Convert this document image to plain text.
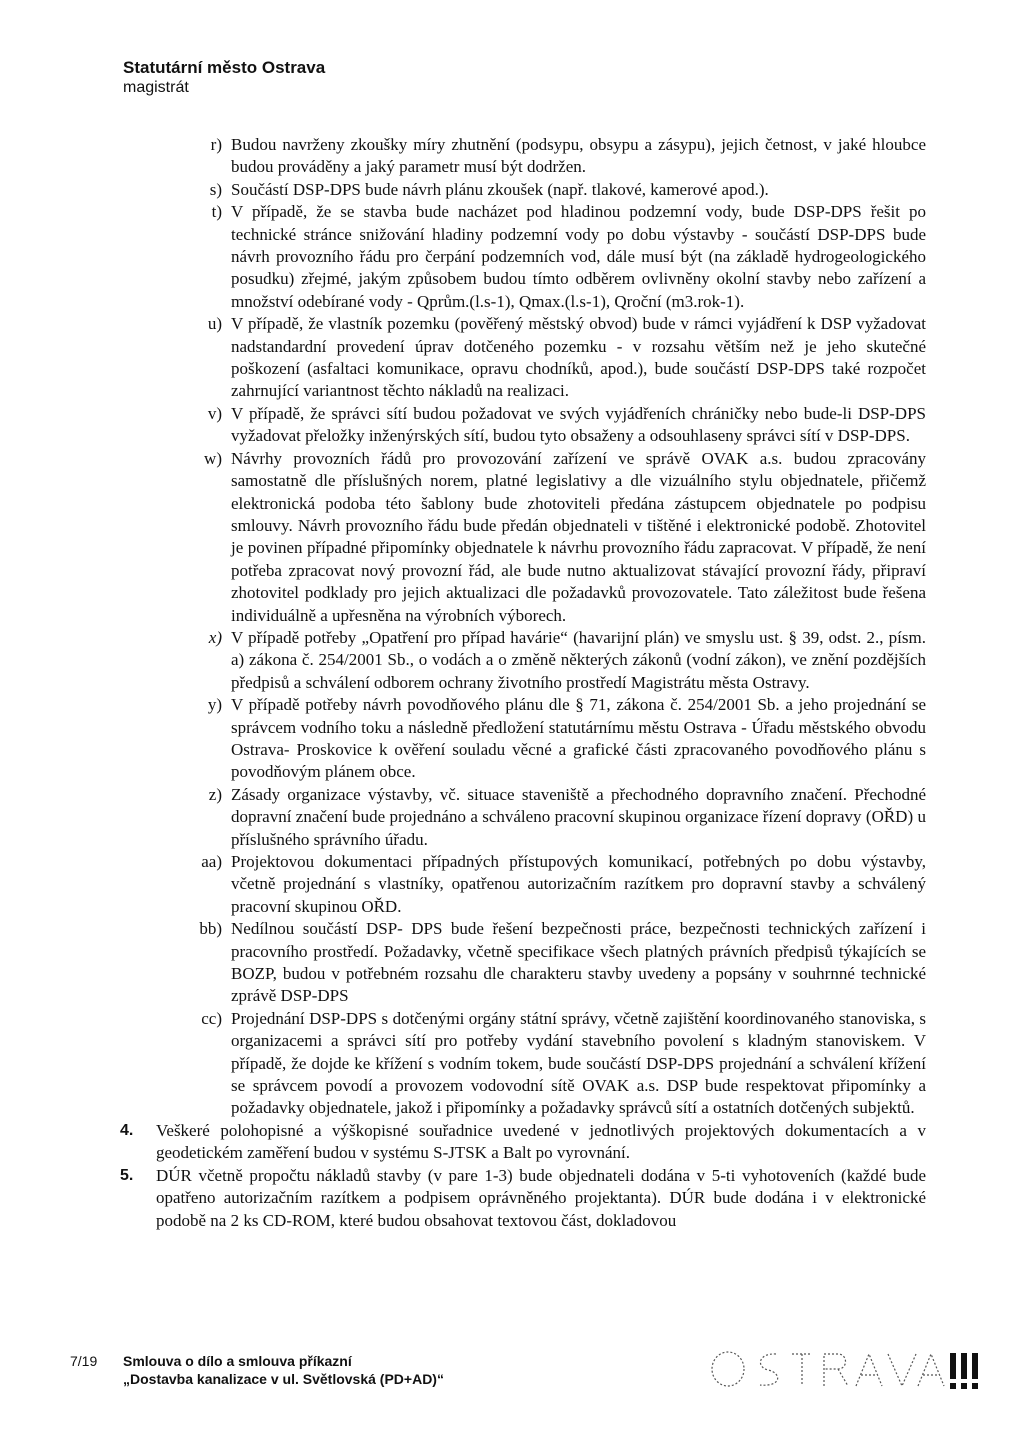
Statutární město Ostrava
magistrát
r) Budou navrženy zkoušky míry zhutnění (podsypu, obsypu a zásypu), jejich četnost, v jaké hloubce budou prováděny a jaký parametr musí být dodržen.
s) Součástí DSP-DPS bude návrh plánu zkoušek (např. tlakové, kamerové apod.).
t) V případě, že se stavba bude nacházet pod hladinou podzemní vody, bude DSP-DPS řešit po technické stránce snižování hladiny podzemní vody po dobu výstavby - součástí DSP-DPS bude návrh provozního řádu pro čerpání podzemních vod, dále musí být (na základě hydrogeologického posudku) zřejmé, jakým způsobem budou tímto odběrem ovlivněny okolní stavby nebo zařízení a množství odebírané vody - Qprům.(l.s-1), Qmax.(l.s-1), Qroční (m3.rok-1).
u) V případě, že vlastník pozemku (pověřený městský obvod) bude v rámci vyjádření k DSP vyžadovat nadstandardní provedení úprav dotčeného pozemku - v rozsahu větším než je jeho skutečné poškození (asfaltaci komunikace, opravu chodníků, apod.), bude součástí DSP-DPS také rozpočet zahrnující variantnost těchto nákladů na realizaci.
v) V případě, že správci sítí budou požadovat ve svých vyjádřeních chráničky nebo bude-li DSP-DPS vyžadovat přeložky inženýrských sítí, budou tyto obsaženy a odsouhlaseny správci sítí v DSP-DPS.
w) Návrhy provozních řádů pro provozování zařízení ve správě OVAK a.s. budou zpracovány samostatně dle příslušných norem, platné legislativy a dle vizuálního stylu objednatele, přičemž elektronická podoba této šablony bude zhotoviteli předána zástupcem objednatele po podpisu smlouvy. Návrh provozního řádu bude předán objednateli v tištěné i elektronické podobě. Zhotovitel je povinen případné připomínky objednatele k návrhu provozního řádu zapracovat. V případě, že není potřeba zpracovat nový provozní řád, ale bude nutno aktualizovat stávající provozní řády, připraví zhotovitel podklady pro jejich aktualizaci dle požadavků provozovatele. Tato záležitost bude řešena individuálně a upřesněna na výrobních výborech.
x) V případě potřeby „Opatření pro případ havárie“ (havarijní plán) ve smyslu ust. § 39, odst. 2., písm. a) zákona č. 254/2001 Sb., o vodách a o změně některých zákonů (vodní zákon), ve znění pozdějších předpisů a schválení odborem ochrany životního prostředí Magistrátu města Ostravy.
y) V případě potřeby návrh povodňového plánu dle § 71, zákona č. 254/2001 Sb. a jeho projednání se správcem vodního toku a následně předložení statutárnímu městu Ostrava - Úřadu městského obvodu Ostrava- Proskovice k ověření souladu věcné a grafické části zpracovaného povodňového plánu s povodňovým plánem obce.
z) Zásady organizace výstavby, vč. situace staveniště a přechodného dopravního značení. Přechodné dopravní značení bude projednáno a schváleno pracovní skupinou organizace řízení dopravy (OŘD) u příslušného správního úřadu.
aa) Projektovou dokumentaci případných přístupových komunikací, potřebných po dobu výstavby, včetně projednání s vlastníky, opatřenou autorizačním razítkem pro dopravní stavby a schválený pracovní skupinou OŘD.
bb) Nedílnou součástí DSP- DPS bude řešení bezpečnosti práce, bezpečnosti technických zařízení i pracovního prostředí. Požadavky, včetně specifikace všech platných právních předpisů týkajících se BOZP, budou v potřebném rozsahu dle charakteru stavby uvedeny a popsány v souhrnné technické zprávě DSP-DPS
cc) Projednání DSP-DPS s dotčenými orgány státní správy, včetně zajištění koordinovaného stanoviska, s organizacemi a správci sítí pro potřeby vydání stavebního povolení s kladným stanoviskem. V případě, že dojde ke křížení s vodním tokem, bude součástí DSP-DPS projednání a schválení křížení se správcem povodí a provozem vodovodní sítě OVAK a.s. DSP bude respektovat připomínky a požadavky objednatele, jakož i připomínky a požadavky správců sítí a ostatních dotčených subjektů.
4. Veškeré polohopisné a výškopisné souřadnice uvedené v jednotlivých projektových dokumentacích a v geodetickém zaměření budou v systému S-JTSK a Balt po vyrovnání.
5. DÚR včetně propočtu nákladů stavby (v pare 1-3) bude objednateli dodána v 5-ti vyhotoveních (každé bude opatřeno autorizačním razítkem a podpisem oprávněného projektanta). DÚR bude dodána i v elektronické podobě na 2 ks CD-ROM, které budou obsahovat textovou část, dokladovou
7/19 Smlouva o dílo a smlouva příkazní
„Dostavba kanalizace v ul. Světlovská (PD+AD)“
